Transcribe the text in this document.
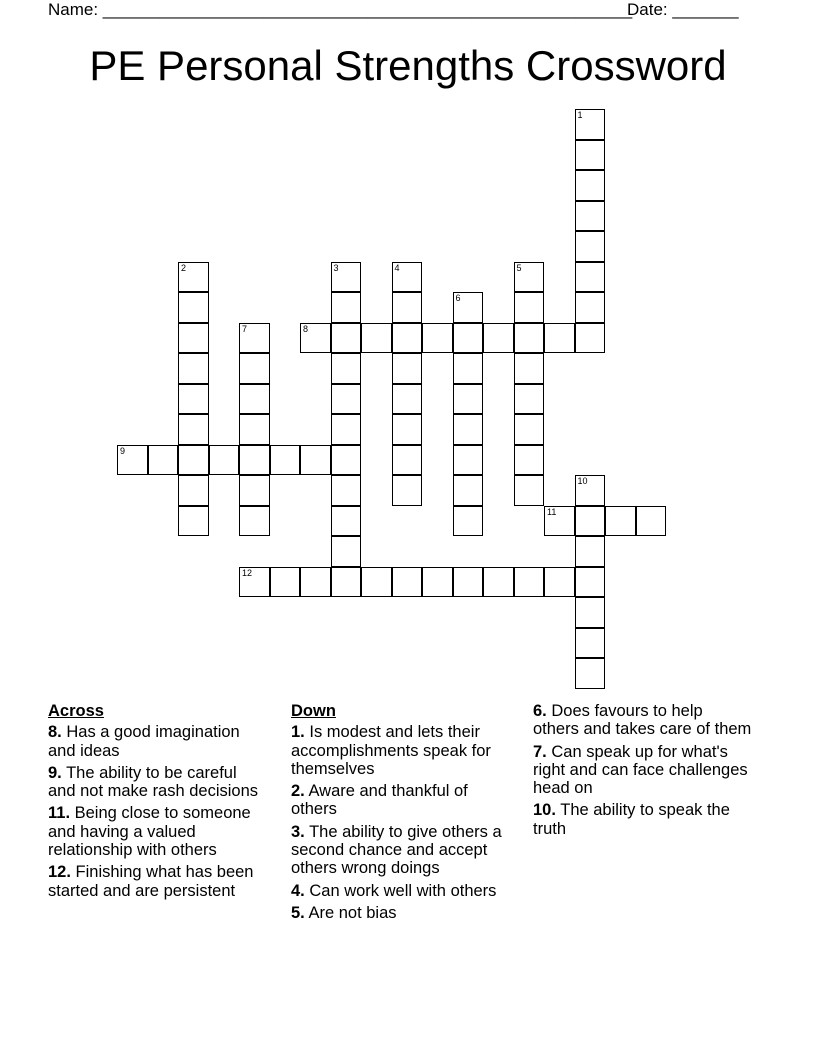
Name: ________________________________________________________
Date: _______
PE Personal Strengths Crossword
1
2	3	4	5
6
7	8
9
10
11
12
Across
8. Has a good imagination and ideas
9. The ability to be careful and not make rash decisions
11. Being close to someone and having a valued relationship with others
12. Finishing what has been started and are persistent
Down
1. Is modest and lets their accomplishments speak for themselves
2. Aware and thankful of others
3. The ability to give others a second chance and accept others wrong doings
4. Can work well with others
5. Are not bias
6. Does favours to help others and takes care of them
7. Can speak up for what's right and can face challenges head on
10. The ability to speak the truth
